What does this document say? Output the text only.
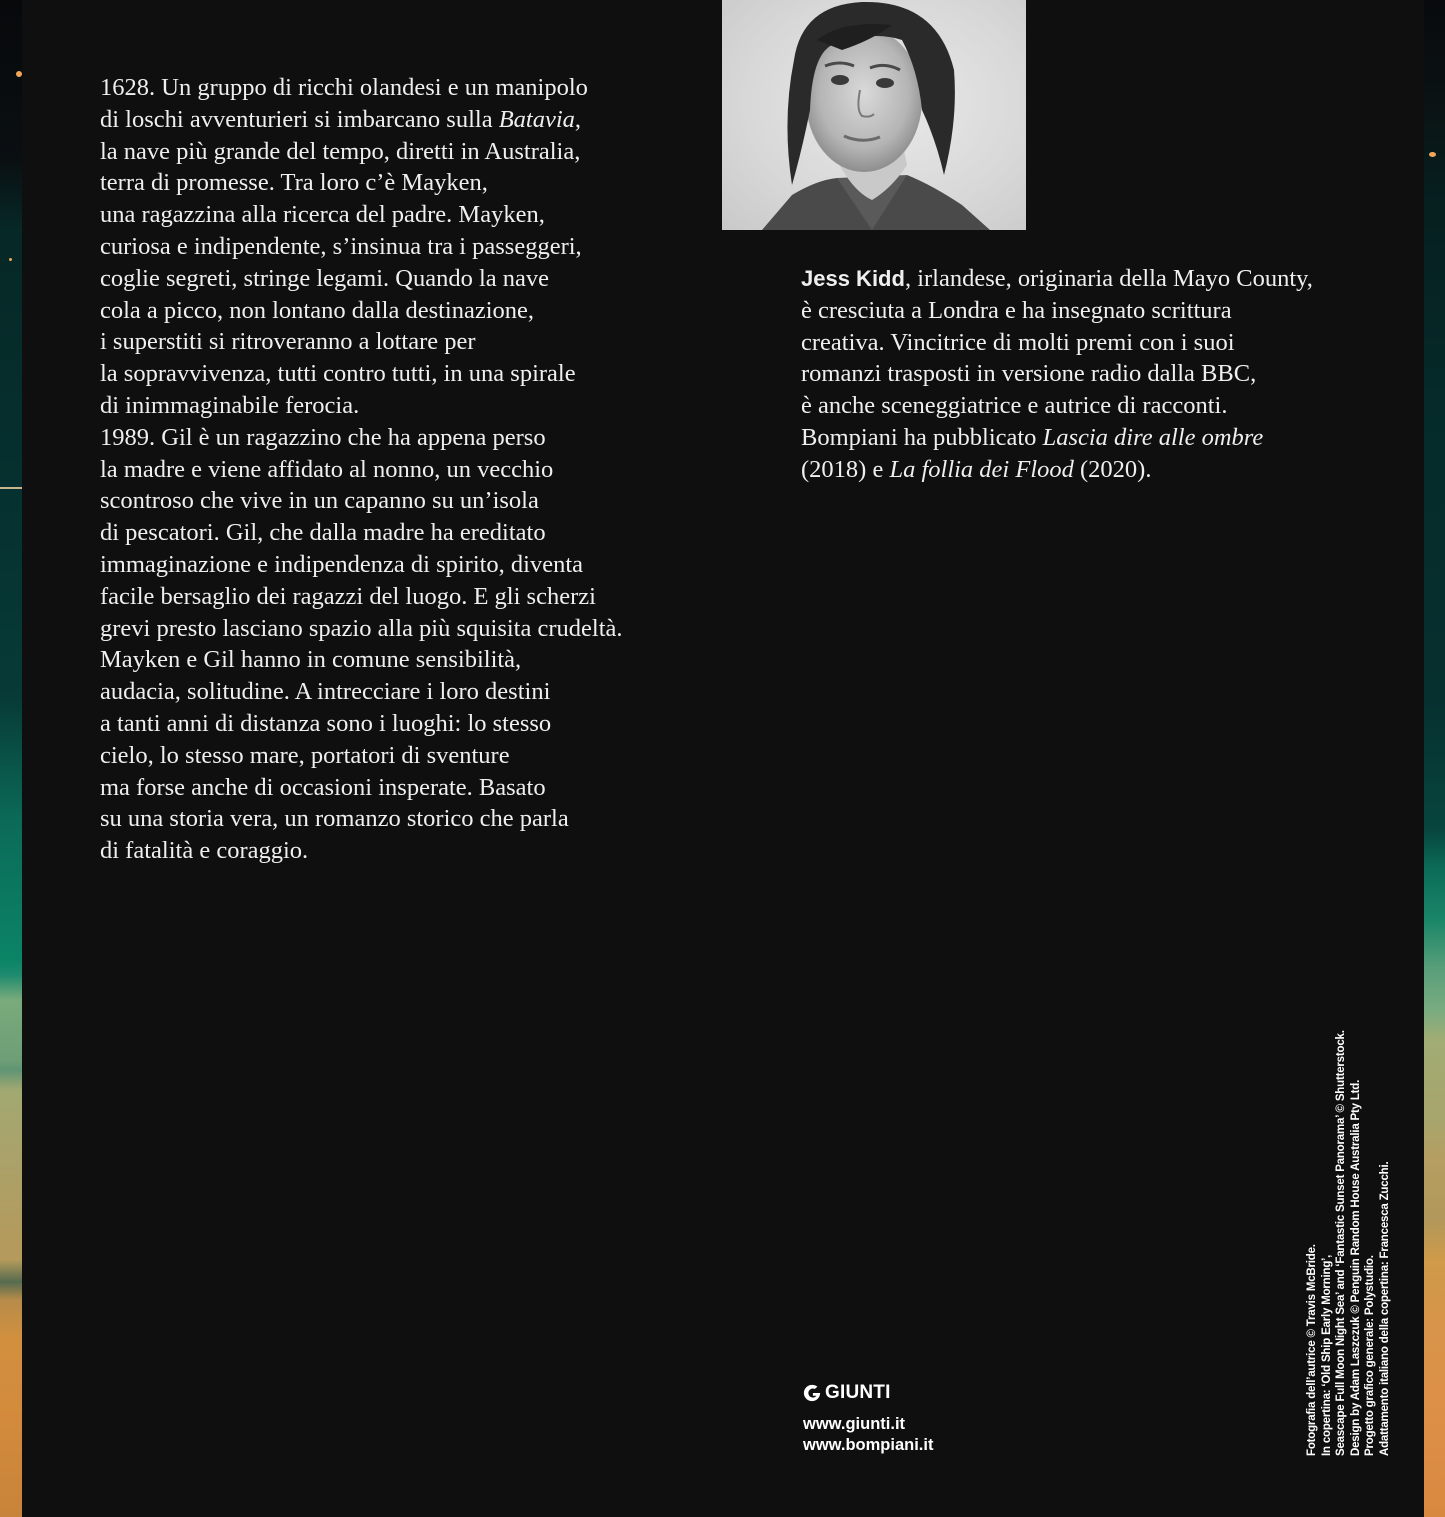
1628. Un gruppo di ricchi olandesi e un manipolo
di loschi avventurieri si imbarcano sulla Batavia,
la nave più grande del tempo, diretti in Australia,
terra di promesse. Tra loro c’è Mayken,
una ragazzina alla ricerca del padre. Mayken,
curiosa e indipendente, s’insinua tra i passeggeri,
coglie segreti, stringe legami. Quando la nave
cola a picco, non lontano dalla destinazione,
i superstiti si ritroveranno a lottare per
la sopravvivenza, tutti contro tutti, in una spirale
di inimmaginabile ferocia.
1989. Gil è un ragazzino che ha appena perso
la madre e viene affidato al nonno, un vecchio
scontroso che vive in un capanno su un’isola
di pescatori. Gil, che dalla madre ha ereditato
immaginazione e indipendenza di spirito, diventa
facile bersaglio dei ragazzi del luogo. E gli scherzi
grevi presto lasciano spazio alla più squisita crudeltà.
Mayken e Gil hanno in comune sensibilità,
audacia, solitudine. A intrecciare i loro destini
a tanti anni di distanza sono i luoghi: lo stesso
cielo, lo stesso mare, portatori di sventure
ma forse anche di occasioni insperate. Basato
su una storia vera, un romanzo storico che parla
di fatalità e coraggio.
Jess Kidd, irlandese, originaria della Mayo County,
è cresciuta a Londra e ha insegnato scrittura
creativa. Vincitrice di molti premi con i suoi
romanzi trasposti in versione radio dalla BBC,
è anche sceneggiatrice e autrice di racconti.
Bompiani ha pubblicato Lascia dire alle ombre
(2018) e La follia dei Flood (2020).
GIUNTI
www.giunti.it
www.bompiani.it	Fotografia dell’autrice © Travis McBride. In copertina: ‘Old Ship Early Morning’, Seascape Full Moon Night Sea’ and ‘Fantastic Sunset Panorama’ © Shutterstock. Design by Adam Laszczuk © Penguin Random House Australia Pty Ltd. Progetto grafico generale: Polystudio. Adattamento italiano della copertina: Francesca Zucchi.
